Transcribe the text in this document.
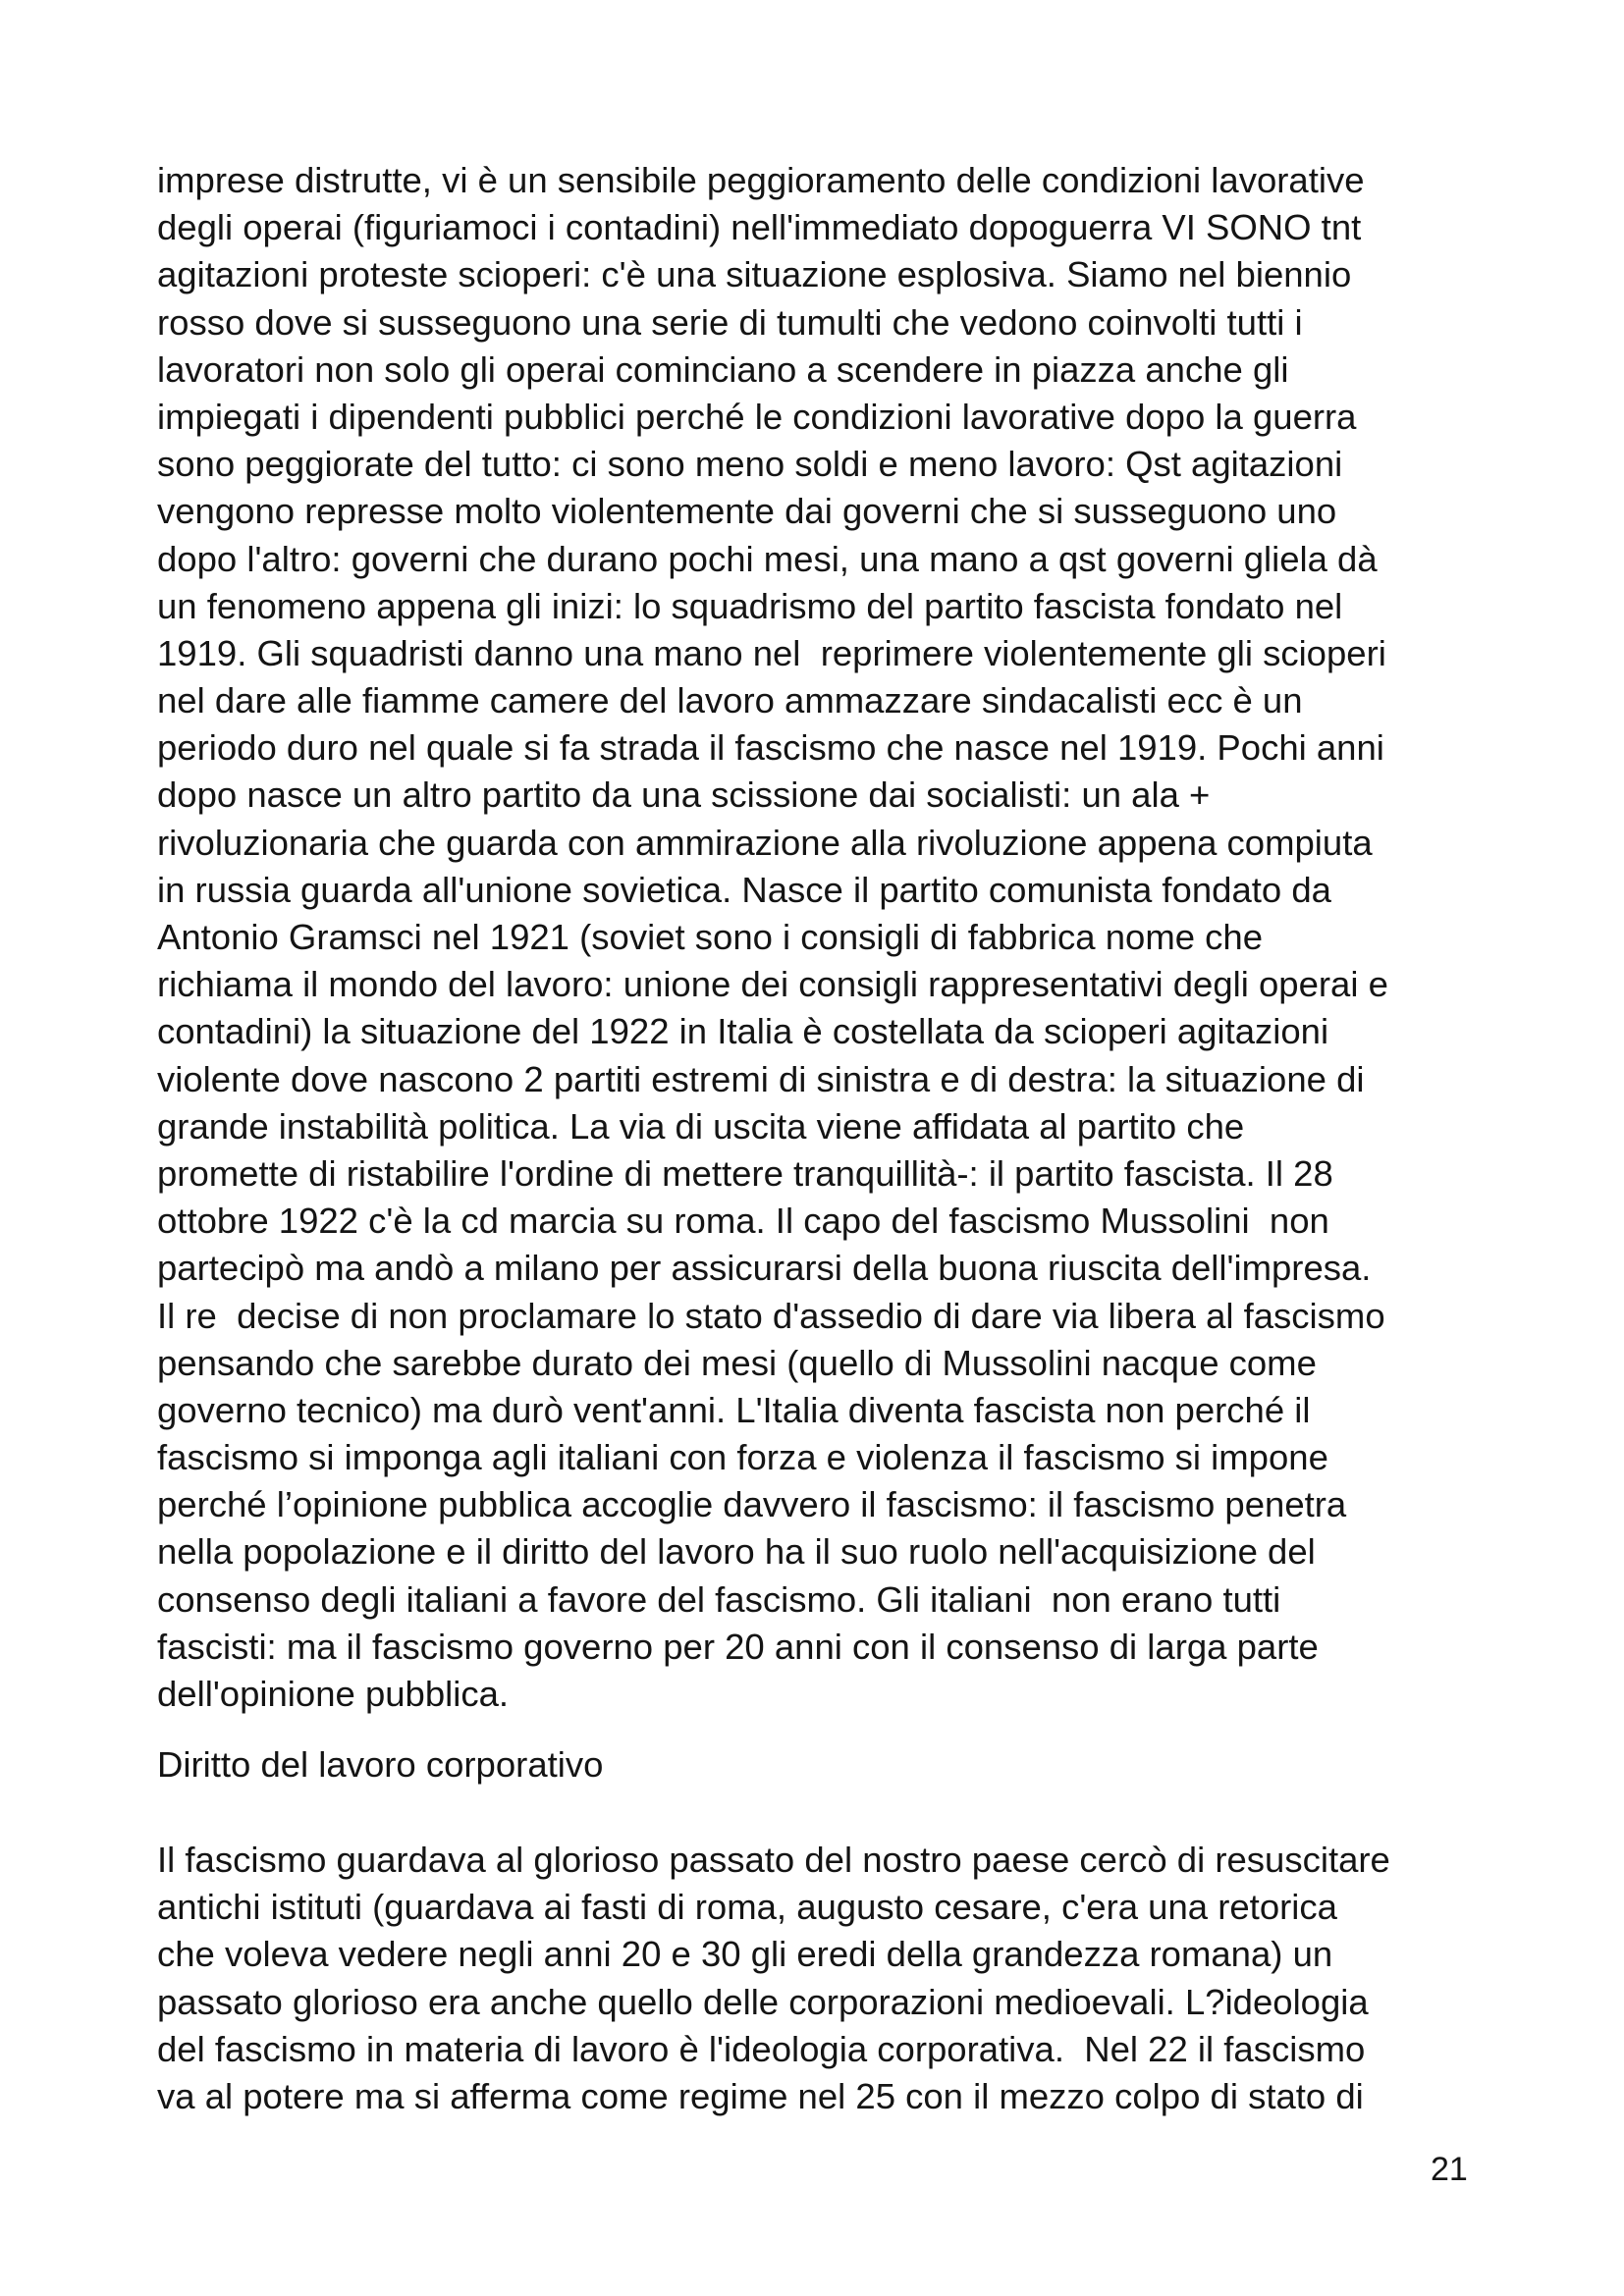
imprese distrutte, vi è un sensibile peggioramento delle condizioni lavorative
degli operai (figuriamoci i contadini) nell'immediato dopoguerra VI SONO tnt
agitazioni proteste scioperi: c'è una situazione esplosiva. Siamo nel biennio
rosso dove si susseguono una serie di tumulti che vedono coinvolti tutti i
lavoratori non solo gli operai cominciano a scendere in piazza anche gli
impiegati i dipendenti pubblici perché le condizioni lavorative dopo la guerra
sono peggiorate del tutto: ci sono meno soldi e meno lavoro: Qst agitazioni
vengono represse molto violentemente dai governi che si susseguono uno
dopo l'altro: governi che durano pochi mesi, una mano a qst governi gliela dà
un fenomeno appena gli inizi: lo squadrismo del partito fascista fondato nel
1919. Gli squadristi danno una mano nel  reprimere violentemente gli scioperi
nel dare alle fiamme camere del lavoro ammazzare sindacalisti ecc è un
periodo duro nel quale si fa strada il fascismo che nasce nel 1919. Pochi anni
dopo nasce un altro partito da una scissione dai socialisti: un ala +
rivoluzionaria che guarda con ammirazione alla rivoluzione appena compiuta
in russia guarda all'unione sovietica. Nasce il partito comunista fondato da
Antonio Gramsci nel 1921 (soviet sono i consigli di fabbrica nome che
richiama il mondo del lavoro: unione dei consigli rappresentativi degli operai e
contadini) la situazione del 1922 in Italia è costellata da scioperi agitazioni
violente dove nascono 2 partiti estremi di sinistra e di destra: la situazione di
grande instabilità politica. La via di uscita viene affidata al partito che
promette di ristabilire l'ordine di mettere tranquillità-: il partito fascista. Il 28
ottobre 1922 c'è la cd marcia su roma. Il capo del fascismo Mussolini  non
partecipò ma andò a milano per assicurarsi della buona riuscita dell'impresa.
Il re  decise di non proclamare lo stato d'assedio di dare via libera al fascismo
pensando che sarebbe durato dei mesi (quello di Mussolini nacque come
governo tecnico) ma durò vent'anni. L'Italia diventa fascista non perché il
fascismo si imponga agli italiani con forza e violenza il fascismo si impone
perché l’opinione pubblica accoglie davvero il fascismo: il fascismo penetra
nella popolazione e il diritto del lavoro ha il suo ruolo nell'acquisizione del
consenso degli italiani a favore del fascismo. Gli italiani  non erano tutti
fascisti: ma il fascismo governo per 20 anni con il consenso di larga parte
dell'opinione pubblica.
Diritto del lavoro corporativo
Il fascismo guardava al glorioso passato del nostro paese cercò di resuscitare
antichi istituti (guardava ai fasti di roma, augusto cesare, c'era una retorica
che voleva vedere negli anni 20 e 30 gli eredi della grandezza romana) un
passato glorioso era anche quello delle corporazioni medioevali. L?ideologia
del fascismo in materia di lavoro è l'ideologia corporativa.  Nel 22 il fascismo
va al potere ma si afferma come regime nel 25 con il mezzo colpo di stato di
21
